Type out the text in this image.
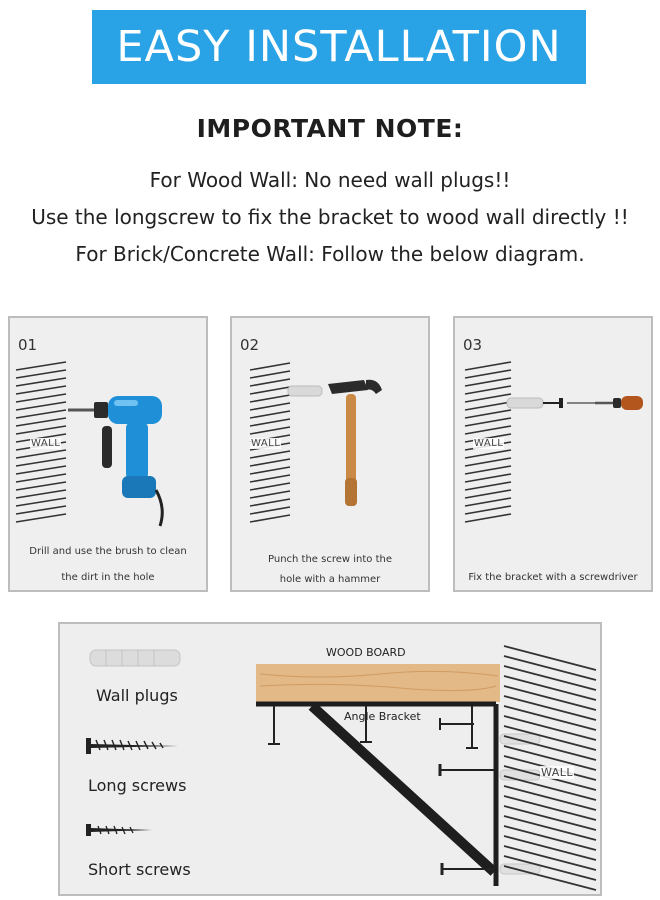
EASY INSTALLATION
IMPORTANT NOTE:
For Wood Wall: No need wall plugs!!
Use the longscrew to fix the bracket to wood wall directly !!
For Brick/Concrete Wall: Follow the below diagram.
01
WALL
Drill and use the brush to clean
the dirt in the hole
02
WALL
Punch the screw into the
hole with a hammer
03
WALL
Fix the bracket with a screwdriver
Wall plugs
Long screws
Short screws
WOOD BOARD
Angle Bracket
WALL
